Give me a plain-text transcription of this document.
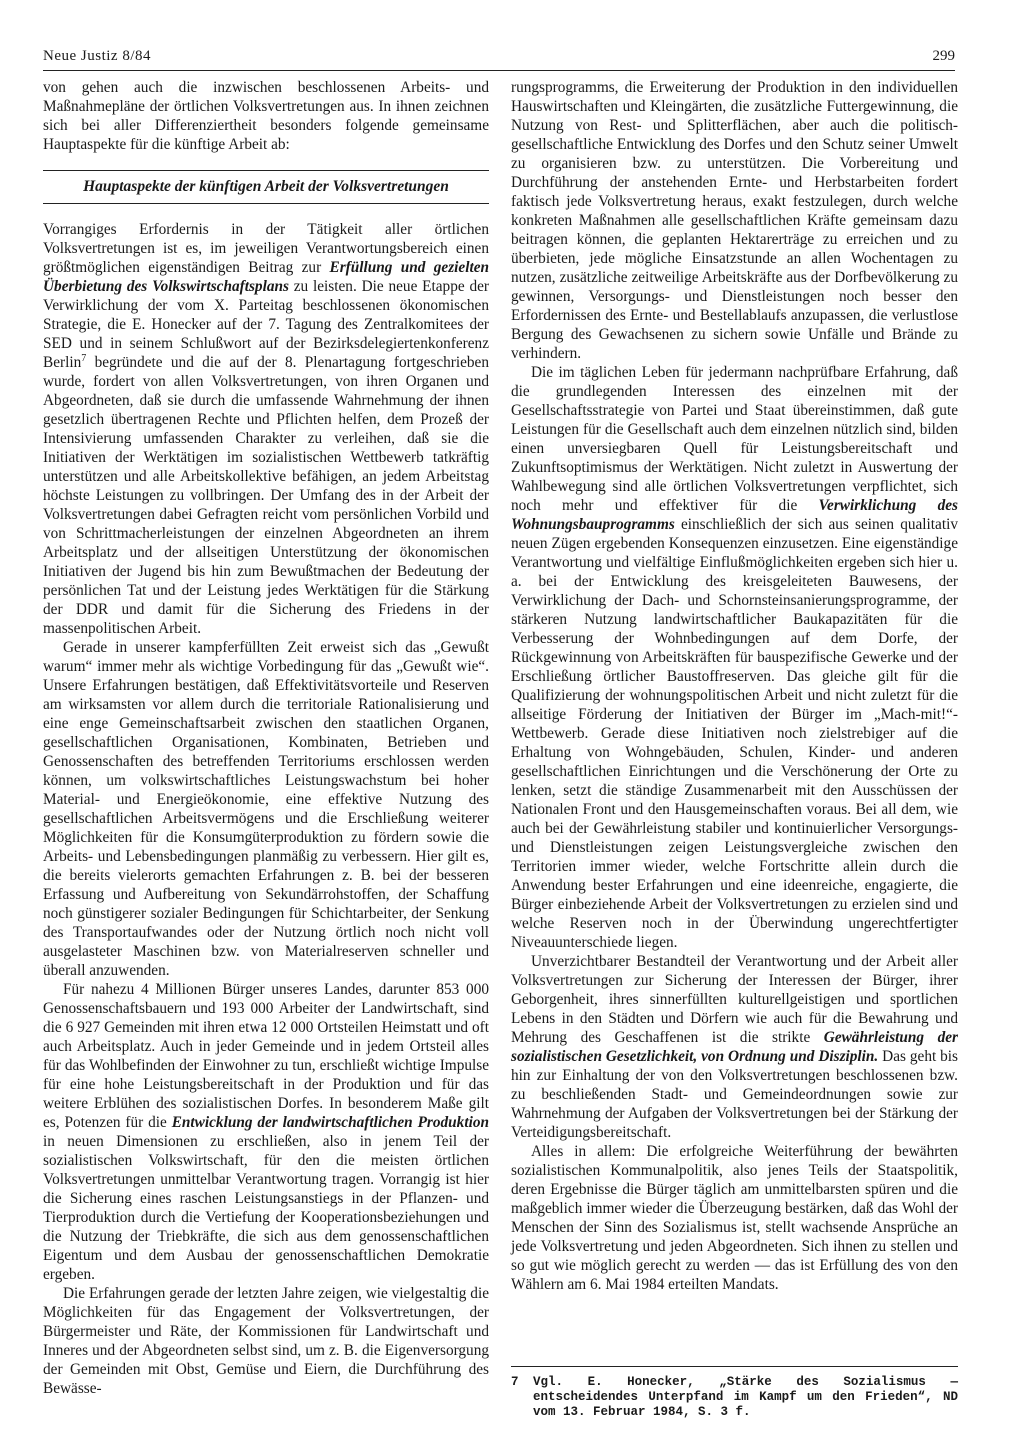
Neue Justiz 8/84	299

von gehen auch die inzwischen beschlossenen Arbeits- und Maßnahmepläne der örtlichen Volksvertretungen aus. In ihnen zeichnen sich bei aller Differenziertheit besonders folgende gemeinsame Hauptaspekte für die künftige Arbeit ab:

Hauptaspekte der künftigen Arbeit der Volksvertretungen

Vorrangiges Erfordernis in der Tätigkeit aller örtlichen Volksvertretungen ist es, im jeweiligen Verantwortungsbereich einen größtmöglichen eigenständigen Beitrag zur Erfüllung und gezielten Überbietung des Volkswirtschaftsplans zu leisten. Die neue Etappe der Verwirklichung der vom X. Parteitag beschlossenen ökonomischen Strategie, die E. Honecker auf der 7. Tagung des Zentralkomitees der SED und in seinem Schlußwort auf der Bezirksdelegiertenkonferenz Berlin$^7$ begründete und die auf der 8. Plenartagung fortgeschrieben wurde, fordert von allen Volksvertretungen, von ihren Organen und Abgeordneten, daß sie durch die umfassende Wahrnehmung der ihnen gesetzlich übertragenen Rechte und Pflichten helfen, dem Prozeß der Intensivierung umfassenden Charakter zu verleihen, daß sie die Initiativen der Werktätigen im sozialistischen Wettbewerb tatkräftig unterstützen und alle Arbeitskollektive befähigen, an jedem Arbeitstag höchste Leistungen zu vollbringen. Der Umfang des in der Arbeit der Volksvertretungen dabei Gefragten reicht vom persönlichen Vorbild und von Schrittmacherleistungen der einzelnen Abgeordneten an ihrem Arbeitsplatz und der allseitigen Unterstützung der ökonomischen Initiativen der Jugend bis hin zum Bewußtmachen der Bedeutung der persönlichen Tat und der Leistung jedes Werktätigen für die Stärkung der DDR und damit für die Sicherung des Friedens in der massenpolitischen Arbeit.

Gerade in unserer kampferfüllten Zeit erweist sich das „Gewußt warum“ immer mehr als wichtige Vorbedingung für das „Gewußt wie“. Unsere Erfahrungen bestätigen, daß Effektivitätsvorteile und Reserven am wirksamsten vor allem durch die territoriale Rationalisierung und eine enge Gemeinschaftsarbeit zwischen den staatlichen Organen, gesellschaftlichen Organisationen, Kombinaten, Betrieben und Genossenschaften des betreffenden Territoriums erschlossen werden können, um volkswirtschaftliches Leistungswachstum bei hoher Material- und Energieökonomie, eine effektive Nutzung des gesellschaftlichen Arbeitsvermögens und die Erschließung weiterer Möglichkeiten für die Konsumgüterproduktion zu fördern sowie die Arbeits- und Lebensbedingungen planmäßig zu verbessern. Hier gilt es, die bereits vielerorts gemachten Erfahrungen z. B. bei der besseren Erfassung und Aufbereitung von Sekundärrohstoffen, der Schaffung noch günstigerer sozialer Bedingungen für Schichtarbeiter, der Senkung des Transportaufwandes oder der Nutzung örtlich noch nicht voll ausgelasteter Maschinen bzw. von Materialreserven schneller und überall anzuwenden.

Für nahezu 4 Millionen Bürger unseres Landes, darunter 853 000 Genossenschaftsbauern und 193 000 Arbeiter der Landwirtschaft, sind die 6 927 Gemeinden mit ihren etwa 12 000 Ortsteilen Heimstatt und oft auch Arbeitsplatz. Auch in jeder Gemeinde und in jedem Ortsteil alles für das Wohlbefinden der Einwohner zu tun, erschließt wichtige Impulse für eine hohe Leistungsbereitschaft in der Produktion und für das weitere Erblühen des sozialistischen Dorfes. In besonderem Maße gilt es, Potenzen für die Entwicklung der landwirtschaftlichen Produktion in neuen Dimensionen zu erschließen, also in jenem Teil der sozialistischen Volkswirtschaft, für den die meisten örtlichen Volksvertretungen unmittelbar Verantwortung tragen. Vorrangig ist hier die Sicherung eines raschen Leistungsanstiegs in der Pflanzen- und Tierproduktion durch die Vertiefung der Kooperationsbeziehungen und die Nutzung der Triebkräfte, die sich aus dem genossenschaftlichen Eigentum und dem Ausbau der genossenschaftlichen Demokratie ergeben.

Die Erfahrungen gerade der letzten Jahre zeigen, wie vielgestaltig die Möglichkeiten für das Engagement der Volksvertretungen, der Bürgermeister und Räte, der Kommissionen für Landwirtschaft und Inneres und der Abgeordneten selbst sind, um z. B. die Eigenversorgung der Gemeinden mit Obst, Gemüse und Eiern, die Durchführung des Bewässe-

rungsprogramms, die Erweiterung der Produktion in den individuellen Hauswirtschaften und Kleingärten, die zusätzliche Futtergewinnung, die Nutzung von Rest- und Splitterflächen, aber auch die politisch-gesellschaftliche Entwicklung des Dorfes und den Schutz seiner Umwelt zu organisieren bzw. zu unterstützen. Die Vorbereitung und Durchführung der anstehenden Ernte- und Herbstarbeiten fordert faktisch jede Volksvertretung heraus, exakt festzulegen, durch welche konkreten Maßnahmen alle gesellschaftlichen Kräfte gemeinsam dazu beitragen können, die geplanten Hektarerträge zu erreichen und zu überbieten, jede mögliche Einsatzstunde an allen Wochentagen zu nutzen, zusätzliche zeitweilige Arbeitskräfte aus der Dorfbevölkerung zu gewinnen, Versorgungs- und Dienstleistungen noch besser den Erfordernissen des Ernte- und Bestellablaufs anzupassen, die verlustlose Bergung des Gewachsenen zu sichern sowie Unfälle und Brände zu verhindern.

Die im täglichen Leben für jedermann nachprüfbare Erfahrung, daß die grundlegenden Interessen des einzelnen mit der Gesellschaftsstrategie von Partei und Staat übereinstimmen, daß gute Leistungen für die Gesellschaft auch dem einzelnen nützlich sind, bilden einen unversiegbaren Quell für Leistungsbereitschaft und Zukunftsoptimismus der Werktätigen. Nicht zuletzt in Auswertung der Wahlbewegung sind alle örtlichen Volksvertretungen verpflichtet, sich noch mehr und effektiver für die Verwirklichung des Wohnungsbauprogramms einschließlich der sich aus seinen qualitativ neuen Zügen ergebenden Konsequenzen einzusetzen. Eine eigenständige Verantwortung und vielfältige Einflußmöglichkeiten ergeben sich hier u. a. bei der Entwicklung des kreisgeleiteten Bauwesens, der Verwirklichung der Dach- und Schornsteinsanierungsprogramme, der stärkeren Nutzung landwirtschaftlicher Baukapazitäten für die Verbesserung der Wohnbedingungen auf dem Dorfe, der Rückgewinnung von Arbeitskräften für bauspezifische Gewerke und der Erschließung örtlicher Baustoffreserven. Das gleiche gilt für die Qualifizierung der wohnungspolitischen Arbeit und nicht zuletzt für die allseitige Förderung der Initiativen der Bürger im „Mach-mit!“-Wettbewerb. Gerade diese Initiativen noch zielstrebiger auf die Erhaltung von Wohngebäuden, Schulen, Kinder- und anderen gesellschaftlichen Einrichtungen und die Verschönerung der Orte zu lenken, setzt die ständige Zusammenarbeit mit den Ausschüssen der Nationalen Front und den Hausgemeinschaften voraus. Bei all dem, wie auch bei der Gewährleistung stabiler und kontinuierlicher Versorgungs- und Dienstleistungen zeigen Leistungsvergleiche zwischen den Territorien immer wieder, welche Fortschritte allein durch die Anwendung bester Erfahrungen und eine ideenreiche, engagierte, die Bürger einbeziehende Arbeit der Volksvertretungen zu erzielen sind und welche Reserven noch in der Überwindung ungerechtfertigter Niveauunterschiede liegen.

Unverzichtbarer Bestandteil der Verantwortung und der Arbeit aller Volksvertretungen zur Sicherung der Interessen der Bürger, ihrer Geborgenheit, ihres sinnerfüllten kulturellgeistigen und sportlichen Lebens in den Städten und Dörfern wie auch für die Bewahrung und Mehrung des Geschaffenen ist die strikte Gewährleistung der sozialistischen Gesetzlichkeit, von Ordnung und Disziplin. Das geht bis hin zur Einhaltung der von den Volksvertretungen beschlossenen bzw. zu beschließenden Stadt- und Gemeindeordnungen sowie zur Wahrnehmung der Aufgaben der Volksvertretungen bei der Stärkung der Verteidigungsbereitschaft.

Alles in allem: Die erfolgreiche Weiterführung der bewährten sozialistischen Kommunalpolitik, also jenes Teils der Staatspolitik, deren Ergebnisse die Bürger täglich am unmittelbarsten spüren und die maßgeblich immer wieder die Überzeugung bestärken, daß das Wohl der Menschen der Sinn des Sozialismus ist, stellt wachsende Ansprüche an jede Volksvertretung und jeden Abgeordneten. Sich ihnen zu stellen und so gut wie möglich gerecht zu werden — das ist Erfüllung des von den Wählern am 6. Mai 1984 erteilten Mandats.

7	Vgl. E. Honecker, „Stärke des Sozialismus — entscheidendes Unterpfand im Kampf um den Frieden“, ND vom 13. Februar 1984, S. 3 f.
